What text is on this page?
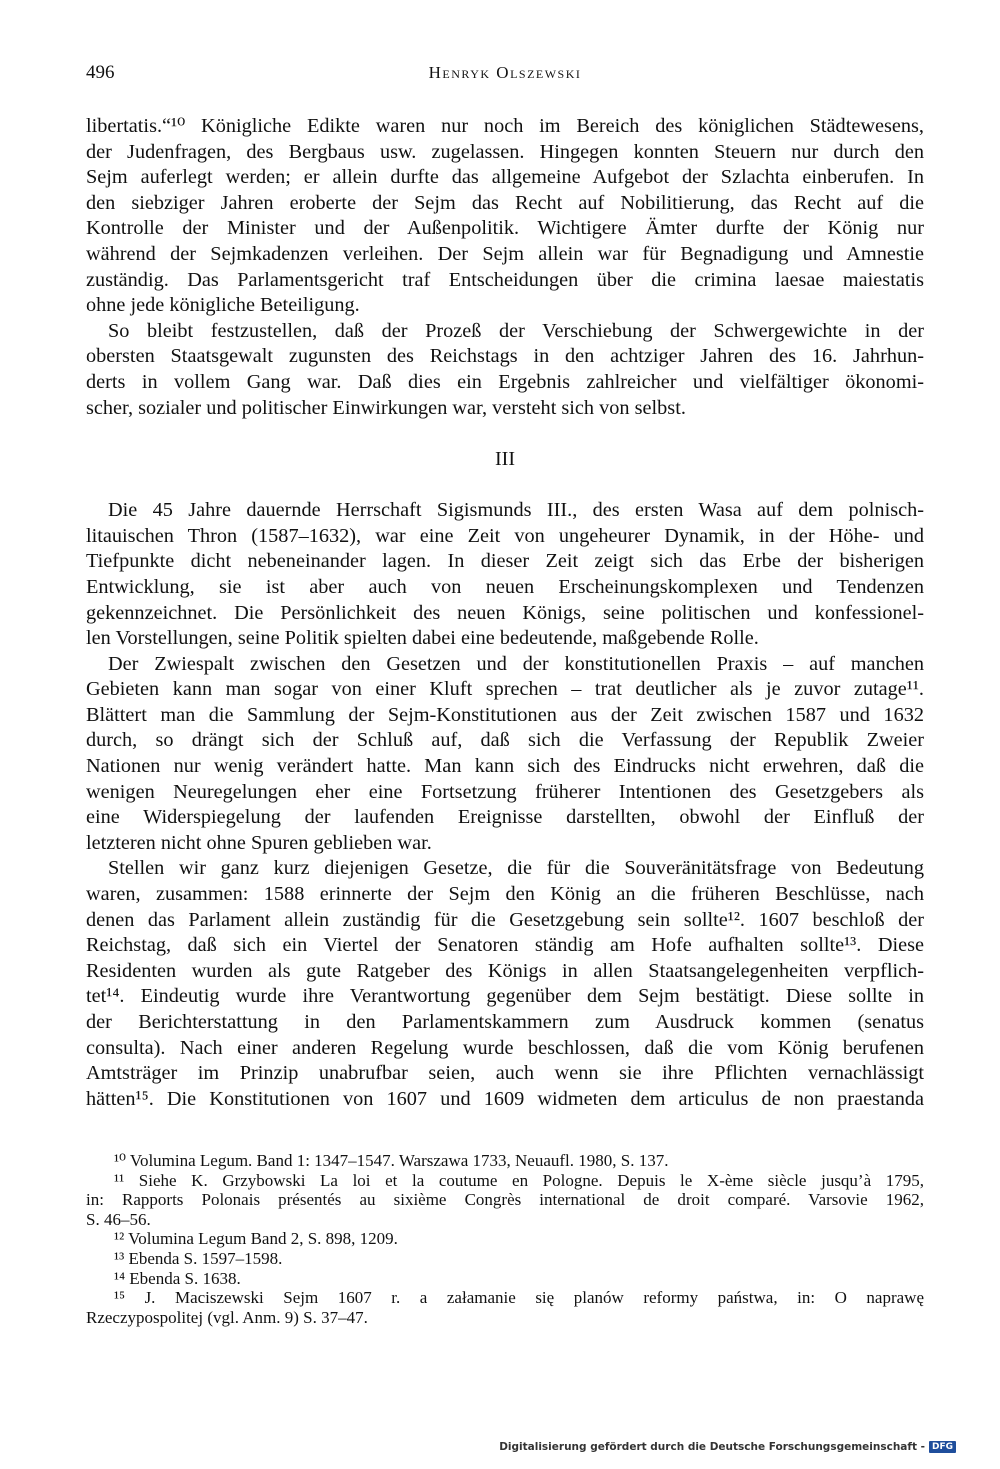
496	Henryk Olszewski

libertatis.“¹⁰ Königliche Edikte waren nur noch im Bereich des königlichen Städtewesens,
der Judenfragen, des Bergbaus usw. zugelassen. Hingegen konnten Steuern nur durch den
Sejm auferlegt werden; er allein durfte das allgemeine Aufgebot der Szlachta einberufen. In
den siebziger Jahren eroberte der Sejm das Recht auf Nobilitierung, das Recht auf die
Kontrolle der Minister und der Außenpolitik. Wichtigere Ämter durfte der König nur
während der Sejmkadenzen verleihen. Der Sejm allein war für Begnadigung und Amnestie
zuständig. Das Parlamentsgericht traf Entscheidungen über die crimina laesae maiestatis
ohne jede königliche Beteiligung.

So bleibt festzustellen, daß der Prozeß der Verschiebung der Schwergewichte in der

obersten Staatsgewalt zugunsten des Reichstags in den achtziger Jahren des 16. Jahrhun-
derts in vollem Gang war. Daß dies ein Ergebnis zahlreicher und vielfältiger ökonomi-
scher, sozialer und politischer Einwirkungen war, versteht sich von selbst.

III

Die 45 Jahre dauernde Herrschaft Sigismunds III., des ersten Wasa auf dem polnisch-

litauischen Thron (1587–1632), war eine Zeit von ungeheurer Dynamik, in der Höhe- und
Tiefpunkte dicht nebeneinander lagen. In dieser Zeit zeigt sich das Erbe der bisherigen
Entwicklung, sie ist aber auch von neuen Erscheinungskomplexen und Tendenzen
gekennzeichnet. Die Persönlichkeit des neuen Königs, seine politischen und konfessionel-
len Vorstellungen, seine Politik spielten dabei eine bedeutende, maßgebende Rolle.

Der Zwiespalt zwischen den Gesetzen und der konstitutionellen Praxis – auf manchen

Gebieten kann man sogar von einer Kluft sprechen – trat deutlicher als je zuvor zutage¹¹.
Blättert man die Sammlung der Sejm-Konstitutionen aus der Zeit zwischen 1587 und 1632
durch, so drängt sich der Schluß auf, daß sich die Verfassung der Republik Zweier
Nationen nur wenig verändert hatte. Man kann sich des Eindrucks nicht erwehren, daß die
wenigen Neuregelungen eher eine Fortsetzung früherer Intentionen des Gesetzgebers als
eine Widerspiegelung der laufenden Ereignisse darstellten, obwohl der Einfluß der
letzteren nicht ohne Spuren geblieben war.

Stellen wir ganz kurz diejenigen Gesetze, die für die Souveränitätsfrage von Bedeutung

waren, zusammen: 1588 erinnerte der Sejm den König an die früheren Beschlüsse, nach
denen das Parlament allein zuständig für die Gesetzgebung sein sollte¹². 1607 beschloß der
Reichstag, daß sich ein Viertel der Senatoren ständig am Hofe aufhalten sollte¹³. Diese
Residenten wurden als gute Ratgeber des Königs in allen Staatsangelegenheiten verpflich-
tet¹⁴. Eindeutig wurde ihre Verantwortung gegenüber dem Sejm bestätigt. Diese sollte in
der Berichterstattung in den Parlamentskammern zum Ausdruck kommen (senatus
consulta). Nach einer anderen Regelung wurde beschlossen, daß die vom König berufenen
Amtsträger im Prinzip unabrufbar seien, auch wenn sie ihre Pflichten vernachlässigt
hätten¹⁵. Die Konstitutionen von 1607 und 1609 widmeten dem articulus de non praestanda

¹⁰ Volumina Legum. Band 1: 1347–1547. Warszawa 1733, Neuaufl. 1980, S. 137.

¹¹ Siehe K. Grzybowski La loi et la coutume en Pologne. Depuis le X-ème siècle jusqu’à 1795,
in: Rapports Polonais présentés au sixième Congrès international de droit comparé. Varsovie 1962,
S. 46–56.

¹² Volumina Legum Band 2, S. 898, 1209.

¹³ Ebenda S. 1597–1598.

¹⁴ Ebenda S. 1638.

¹⁵ J. Maciszewski Sejm 1607 r. a załamanie się planów reformy państwa, in: O naprawę
Rzeczypospolitej (vgl. Anm. 9) S. 37–47.

Digitalisierung gefördert durch die Deutsche Forschungsgemeinschaft - DFG
